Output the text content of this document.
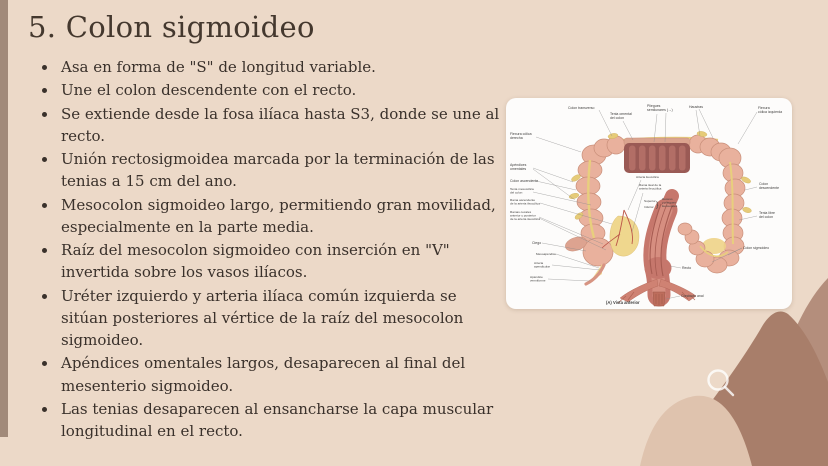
5. Colon sigmoideo
• Asa en forma de "S" de longitud variable.
• Une el colon descendente con el recto.
• Se extiende desde la fosa ilíaca hasta S3, donde se une al recto.
• Unión rectosigmoidea marcada por la terminación de las tenias a 15 cm del ano.
• Mesocolon sigmoideo largo, permitiendo gran movilidad, especialmente en la parte media.
• Raíz del mesocolon sigmoideo con inserción en "V" invertida sobre los vasos ilíacos.
• Uréter izquierdo y arteria ilíaca común izquierda se sitúan posteriores al vértice de la raíz del mesocolon sigmoideo.
• Apéndices omentales largos, desaparecen al final del mesenterio sigmoideo.
• Las tenias desaparecen al ensancharse la capa muscular longitudinal en el recto.
Colon transverso
Tenia omental del colon
Pliegues semilunares (→)
Haustras	Flexura cólica izquierda
Colon descendente
Tenia libre del colon
Colon sigmoideo
Recto
Conducto anal
Arteria ileocólica
Rama ileal de la arteria ileocólica
Superior
Inferior }
Receso y pliegues ileocecales
Flexura cólica derecha
Apéndices omentales
Colon ascendente
Tenia mesocólica del colon
Rama ascendente de la arteria ileocólica
Ramas cecales anterior y posterior de la arteria ileocólica
Ciego
Mesoapéndice
Arteria apendicular
Apéndice vermiforme
(A) Vista anterior
